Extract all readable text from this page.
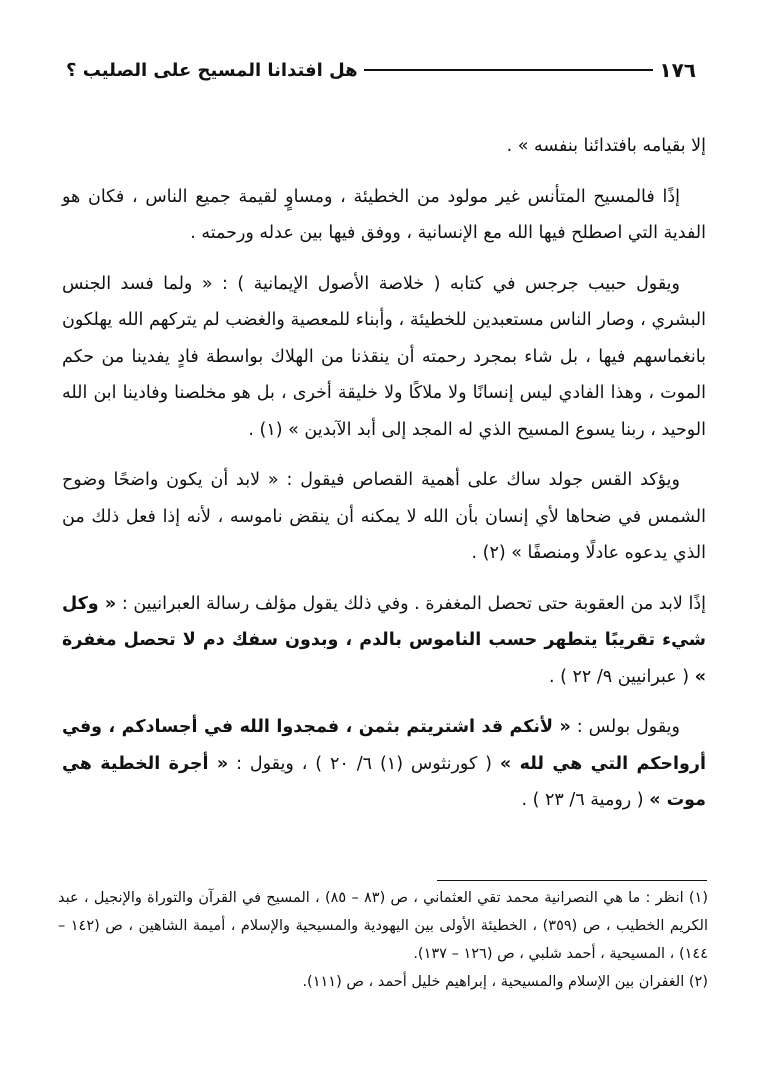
١٧٦
هل افتدانا المسيح على الصليب ؟

إلا بقيامه بافتدائنا بنفسه » .

إذًا فالمسيح المتأنس غير مولود من الخطيئة ، ومساوٍ لقيمة جميع الناس ، فكان هو الفدية التي اصطلح فيها الله مع الإنسانية ، ووفق فيها بين عدله ورحمته .

ويقول حبيب جرجس في كتابه ( خلاصة الأصول الإيمانية ) : « ولما فسد الجنس البشري ، وصار الناس مستعبدين للخطيئة ، وأبناء للمعصية والغضب لم يتركهم الله يهلكون بانغماسهم فيها ، بل شاء بمجرد رحمته أن ينقذنا من الهلاك بواسطة فادٍ يفدينا من حكم الموت ، وهذا الفادي ليس إنسانًا ولا ملاكًا ولا خليقة أخرى ، بل هو مخلصنا وفادينا ابن الله الوحيد ، ربنا يسوع المسيح الذي له المجد إلى أبد الآبدين » (١) .

ويؤكد القس جولد ساك على أهمية القصاص فيقول : « لابد أن يكون واضحًا وضوح الشمس في ضحاها لأي إنسان بأن الله لا يمكنه أن ينقض ناموسه ، لأنه إذا فعل ذلك من الذي يدعوه عادلًا ومنصفًا » (٢) .

إذًا لابد من العقوبة حتى تحصل المغفرة . وفي ذلك يقول مؤلف رسالة العبرانيين : « وكل شيء تقريبًا يتطهر حسب الناموس بالدم ، وبدون سفك دم لا تحصل مغفرة » ( عبرانيين ٩/ ٢٢ ) .

ويقول بولس : « لأنكم قد اشتريتم بثمن ، فمجدوا الله في أجسادكم ، وفي أرواحكم التي هي لله » ( كورنثوس (١) ٦/ ٢٠ ) ، ويقول : « أجرة الخطية هي موت » ( رومية ٦/ ٢٣ ) .

(١) انظر : ما هي النصرانية محمد تقي العثماني ، ص (٨٣ – ٨٥) ، المسيح في القرآن والتوراة والإنجيل ، عبد الكريم الخطيب ، ص (٣٥٩) ، الخطيئة الأولى بين اليهودية والمسيحية والإسلام ، أميمة الشاهين ، ص (١٤٢ – ١٤٤) ، المسيحية ، أحمد شلبي ، ص (١٢٦ – ١٣٧).

(٢) الغفران بين الإسلام والمسيحية ، إبراهيم خليل أحمد ، ص (١١١).
